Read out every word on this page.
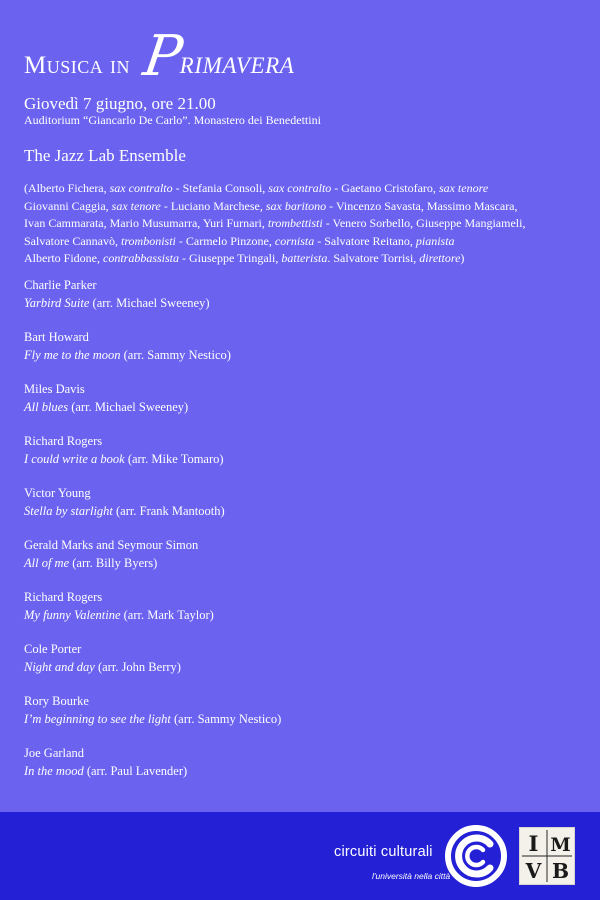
Musica in P
RIMAVERA
Giovedì 7 giugno, ore 21.00
Auditorium “Giancarlo De Carlo”. Monastero dei Benedettini
The Jazz Lab Ensemble
(Alberto Fichera, sax contralto - Stefania Consoli, sax contralto - Gaetano Cristofaro, sax tenore
Giovanni Caggia, sax tenore - Luciano Marchese, sax baritono - Vincenzo Savasta, Massimo Mascara,
Ivan Cammarata, Mario Musumarra, Yuri Furnari, trombettisti - Venero Sorbello, Giuseppe Mangiameli,
Salvatore Cannavò, trombonisti - Carmelo Pinzone, cornista - Salvatore Reitano, pianista
Alberto Fidone, contrabbassista - Giuseppe Tringali, batterista. Salvatore Torrisi, direttore)
Charlie Parker
Yarbird Suite (arr. Michael Sweeney)
Bart Howard
Fly me to the moon (arr. Sammy Nestico)
Miles Davis
All blues (arr. Michael Sweeney)
Richard Rogers
I could write a book (arr. Mike Tomaro)
Victor Young
Stella by starlight (arr. Frank Mantooth)
Gerald Marks and Seymour Simon
All of me (arr. Billy Byers)
Richard Rogers
My funny Valentine (arr. Mark Taylor)
Cole Porter
Night and day (arr. John Berry)
Rory Bourke
I’m beginning to see the light (arr. Sammy Nestico)
Joe Garland
In the mood (arr. Paul Lavender)
circuiti culturali
l'università nella città
I M
V B
